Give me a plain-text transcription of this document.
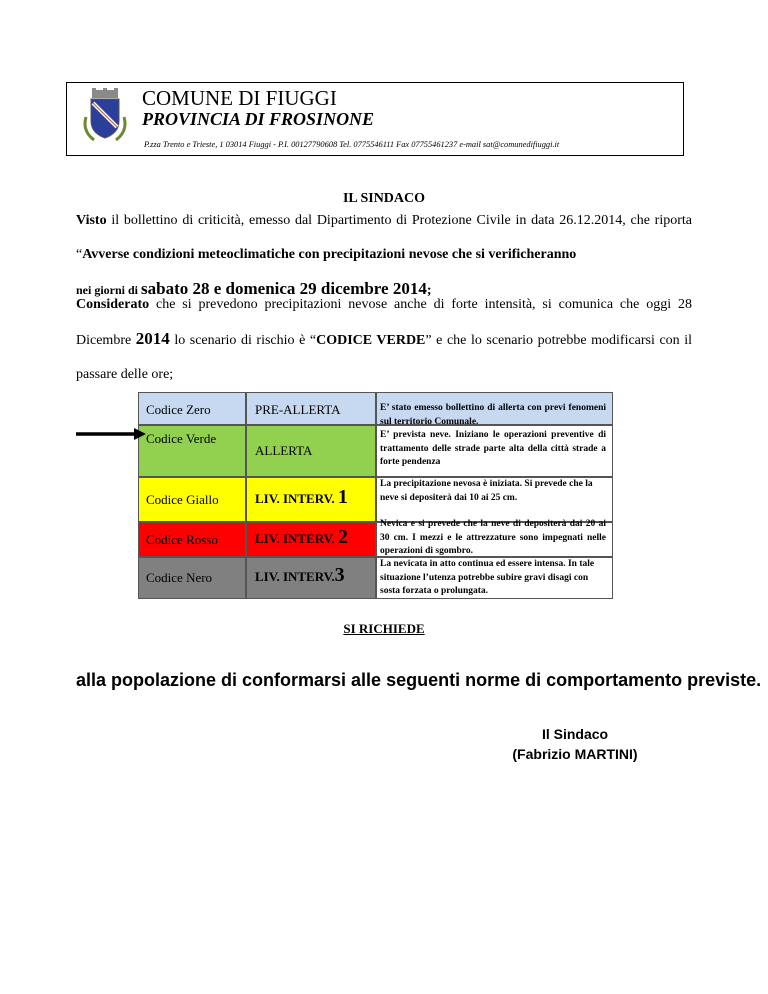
COMUNE DI FIUGGI
PROVINCIA DI FROSINONE
P.zza Trento e Trieste, 1 03014 Fiuggi - P.I. 00127790608 Tel. 0775546111 Fax 07755461237 e-mail sat@comunedifiuggi.it
IL SINDACO
Visto il bollettino di criticità, emesso dal Dipartimento di Protezione Civile in data 26.12.2014, che riporta “Avverse condizioni meteoclimatiche con precipitazioni nevose che si verificheranno
nei giorni di sabato 28 e domenica 29 dicembre 2014;
Considerato che si prevedono precipitazioni nevose anche di forte intensità, si comunica che oggi 28 Dicembre 2014 lo scenario di rischio è “CODICE VERDE” e che lo scenario potrebbe modificarsi con il passare delle ore;
Codice Zero
Codice Verde
Codice Giallo
Codice Rosso
Codice Nero
PRE-ALLERTA
ALLERTA
LIV. INTERV. 1
LIV. INTERV. 2
LIV. INTERV.3
E’ stato emesso bollettino di allerta con previ fenomeni sul territorio Comunale.
E’ prevista neve. Iniziano le operazioni preventive di trattamento delle strade parte alta della città strade a forte pendenza
La precipitazione nevosa è iniziata. Si prevede che la neve si depositerà dai 10 ai 25 cm.
Nevica e si prevede che la neve di depositerà dai 20 ai 30 cm. I mezzi e le attrezzature sono impegnati nelle operazioni di sgombro.
La nevicata in atto continua ed essere intensa. In tale situazione l’utenza potrebbe subire gravi disagi con sosta forzata o prolungata.
SI RICHIEDE
alla popolazione di conformarsi alle seguenti norme di comportamento previste.
Il Sindaco
(Fabrizio MARTINI)
